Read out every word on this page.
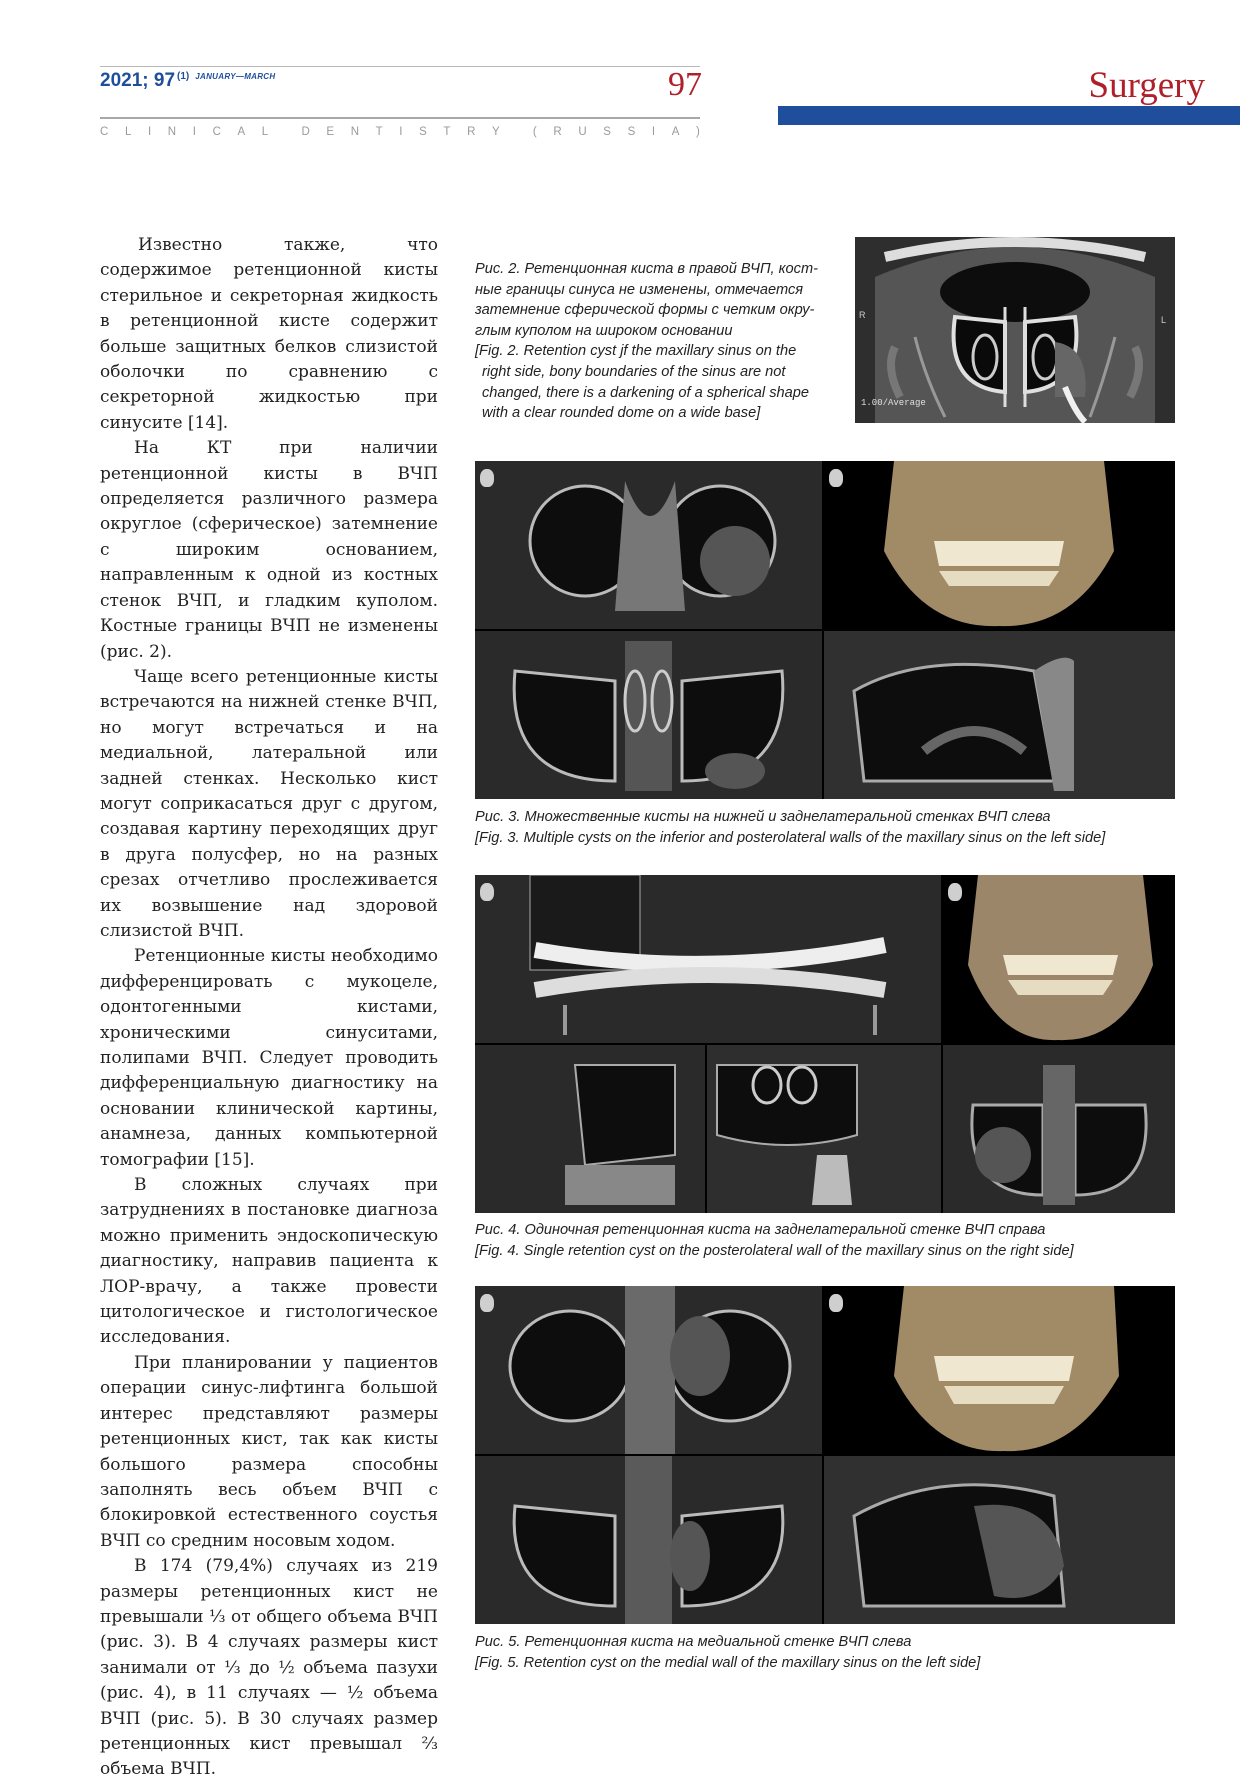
2021; 97 $^{(1)}$ $^{JANUARY—MARCH}$	97
C L I N I C A L	D E N T I S T R Y	( R U S S I A )
Surgery

Известно также, что содержимое ретенционной кисты стерильное и секреторная жидкость в ретенционной кисте содержит больше защитных белков слизистой оболочки по сравнению с секреторной жидкостью при синусите [14].

На КТ при наличии ретенционной кисты в ВЧП определяется различного размера округлое (сферическое) затемнение с широким основанием, направленным к одной из костных стенок ВЧП, и гладким куполом. Костные границы ВЧП не изменены (рис. 2).

Чаще всего ретенционные кисты встречаются на нижней стенке ВЧП, но могут встречаться и на медиальной, латеральной или задней стенках. Несколько кист могут соприкасаться друг с другом, создавая картину переходящих друг в друга полусфер, но на разных срезах отчетливо прослеживается их возвышение над здоровой слизистой ВЧП.

Ретенционные кисты необходимо дифференцировать с мукоцеле, одонтогенными кистами, хроническими синуситами, полипами ВЧП. Следует проводить дифференциальную диагностику на основании клинической картины, анамнеза, данных компьютерной томографии [15].

В сложных случаях при затруднениях в постановке диагноза можно применить эндоскопическую диагностику, направив пациента к ЛОР-врачу, а также провести цитологическое и гистологическое исследования.

При планировании у пациентов операции синус-лифтинга большой интерес представляют размеры ретенционных кист, так как кисты большого размера способны заполнять весь объем ВЧП с блокировкой естественного соустья ВЧП со средним носовым ходом.

В 174 (79,4%) случаях из 219 размеры ретенционных кист не превышали ⅓ от общего объема ВЧП (рис. 3). В 4 случаях размеры кист занимали от ⅓ до ½ объема пазухи (рис. 4), в 11 случаях — ½ объема ВЧП (рис. 5). В 30 случаях размер ретенционных кист превышал ⅔ объема ВЧП.

Рис. 2. Ретенционная киста в правой ВЧП, кост-
ные границы синуса не изменены, отмечается
затемнение сферической формы с четким окру-
глым куполом на широком основании
[Fig. 2. Retention cyst jf the maxillary sinus on the
right side, bony boundaries of the sinus are not
changed, there is a darkening of a spherical shape
with a clear rounded dome on a wide base]
R	L
1.00/Average
Рис. 3. Множественные кисты на нижней и заднелатеральной стенках ВЧП слева
[Fig. 3. Multiple cysts on the inferior and posterolateral walls of the maxillary sinus on the left side]
Рис. 4. Одиночная ретенционная киста на заднелатеральной стенке ВЧП справа
[Fig. 4. Single retention cyst on the posterolateral wall of the maxillary sinus on the right side]
Рис. 5. Ретенционная киста на медиальной стенке ВЧП слева
[Fig. 5. Retention cyst on the medial wall of the maxillary sinus on the left side]
